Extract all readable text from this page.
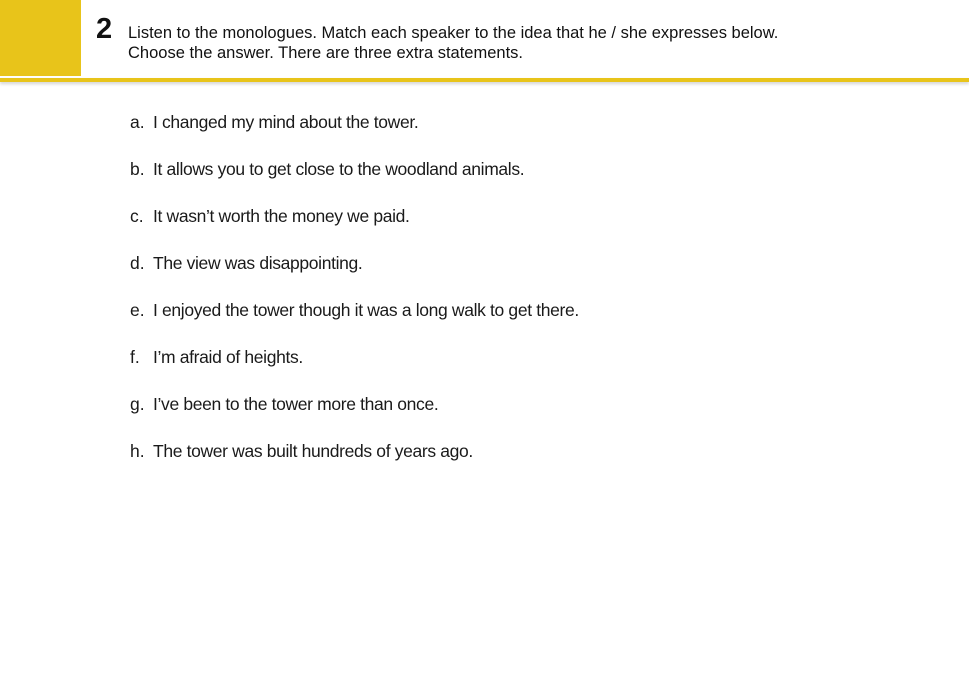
2 Listen to the monologues. Match each speaker to the idea that he / she expresses below.
Choose the answer. There are three extra statements.
a. I changed my mind about the tower.
b. It allows you to get close to the woodland animals.
c. It wasn’t worth the money we paid.
d. The view was disappointing.
e. I enjoyed the tower though it was a long walk to get there.
f. I’m afraid of heights.
g. I’ve been to the tower more than once.
h. The tower was built hundreds of years ago.
